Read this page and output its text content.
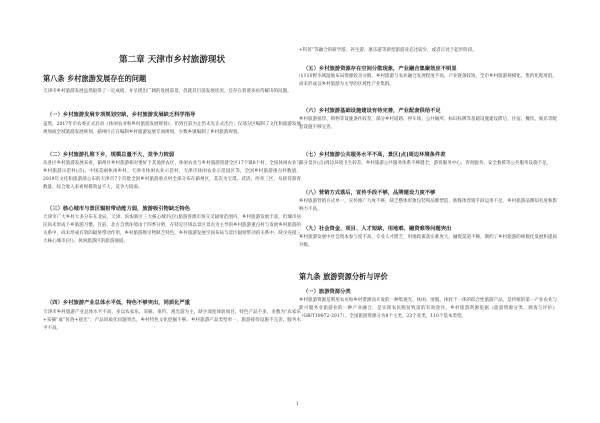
第二章 天津市乡村旅游现状
第八条 乡村旅游发展存在的问题

天津市乡村旅游发展虽然取得了一定成绩，并呈现出广阔的发展前景，但就其目前发展状况，还存在着诸多亟待解决的问题。

（一）乡村旅游发展专项规划空缺，乡村旅游发展缺乏科学指导

虽然，2017年市农委正式启动《休闲农业和乡村旅游发展规划》，但到目前为止仍未见正式出台；仅部分区编制了文化和旅游发展规划或全域旅游发展规划，蓟州区正在编制乡村旅游发展专项规划，少数乡镇编制了乡村旅游规划。

（二）乡村旅游扎堆下乡，规模总量不大，竞争力较弱

从各区乡村旅游发展来看，蓟州区乡村旅游相对要好于其他涉农区，休闲农业与乡村旅游创建全区17个镇8个村，全国休闲农业与乡村旅游示范村(点)、中国美丽休闲乡村。天津市休闲农业示范村，天津市休闲农业示范园区等，全国乡村旅游重点村数量，2019年文化和旅游部公布的天津市7个首批全国乡村旅游重点村全部分布在蓟州区，其次为宝坻、武清、西青三区，从接待游客数量、综合收入来看规模效益不大，竞争力较弱。

（三）核心城市与景区辐射带动能力弱，旅游吸引物缺乏特色

天津市广大乡村大多分布在北辰、天津、滨海新区三大核心城市(区)旅游客源市场交叉辐射范围内，乡村旅游发展丰富，但城市居民尚未形成下乡旅游习惯。目前，北方自然环境由于四季分明，在特定区域以景区景点为主导的乡村旅游重点村与发展乡村旅游的关系中，尚未形成有效的辐射带动作用，乡村旅游吸引物缺乏特色。乡村旅游发展空间布局与景区辐射带动的关系中，缺少连接三大核心城市(区)、休闲旅游区的旅游通道。

（四）乡村旅游产业总体水平低，特色不够突出，同质化严重

天津市乡村旅游产业总体水平不高，多以农家乐、采摘、垂钓、观光游为主，缺少深度体验项目，特色产品不多，多数为“农家乐+采摘”或“民俗+观光”，产品同质化问题突出，乡村特色文化挖掘不够。乡村旅游产品类型单一，旅游接待设施不完善，服务水平不高。

+科普”等融合的研学游、养生游、康乐游等新型旅游业态比较少，或者正处于起步阶段。

（五）乡村旅游资源存在空间分散现象，产业融合集聚效应不明显

山川田野水域湿地布局资源较为分散，乡村旅游与农业融合发展程度不高，产业链条较短，全市乡村旅游规模化、集约化程度低，尚未形成以乡村旅游为主导的区域性产业集群。

（六）乡村旅游基础设施建设有待完善，产业配套供给不足

乡村旅游接待、购物等设施条件较差，部分乡村道路、停车场、公共厕所、标识标牌等基础设施建设滞后，住宿、餐饮、娱乐等配套设施不够完善。

（七）乡村旅游公共服务水平不高，景区(点)周边环境条件差

部分景区(点)周边环境卫生较差，乡村旅游公共服务体系不够健全，游客服务中心、咨询服务、安全救援等公共服务设施不足。

（八）营销方式落后，宣传手段不够，品牌建设力度不够

乡村旅游营销方式单一，宣传推广力度不够，缺乏整体形象包装和品牌塑造，新媒体营销手段运用不足，乡村旅游品牌知名度和影响力不高。

（九）社会资金、项目、人才短缺，用地难、融资难等问题突出

乡村旅游发展中社会资本参与度不高，专业人才匮乏，用地政策落实难度大，融资渠道不畅，制约了乡村旅游的规模化发展和提质升级。

第九条 旅游资源分析与评价
（一）旅游资源分类

乡村旅游资源是利用农业和乡村资源而开发的一种集观光、休闲、度假、体验于一体的综合性旅游产品，是传统的第一产业农业与新兴服务业旅游业的一种产业融合，是实现农民脱贫致富的有效途径。乡村旅游资源依据《旅游资源分类、调查与评价》（GB/T18972-2017），全国旅游资源分为8个主类，23个亚类，110个基本类型。

1
